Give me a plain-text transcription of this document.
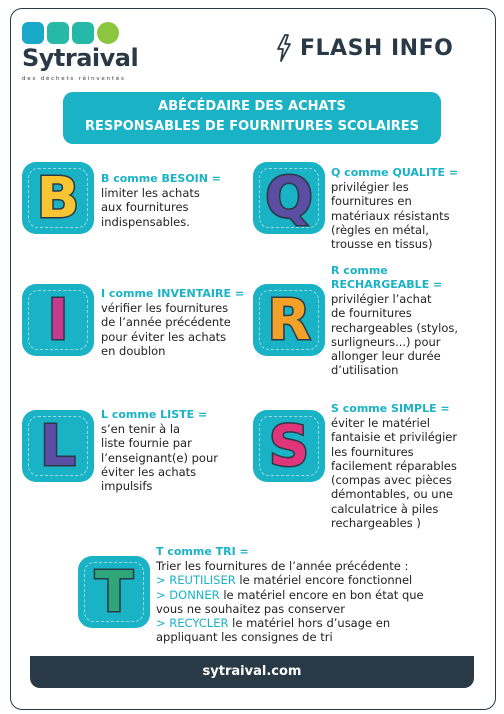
Sytraival
des déchets réinventés
FLASH INFO
ABÉCÉDAIRE DES ACHATS
RESPONSABLES DE FOURNITURES SCOLAIRES
B	B comme BESOIN =
limiter les achats
aux fournitures
indispensables. Q	Q comme QUALITE =
privilégier les
fournitures en
matériaux résistants
(règles en métal,
trousse en tissus)
I	I comme INVENTAIRE =
vérifier les fournitures
de l’année précédente
pour éviter les achats
en doublon	R
R comme
RECHARGEABLE =
privilégier l’achat
de fournitures
rechargeables (stylos,
surligneurs...) pour
allonger leur durée
d’utilisation
L	L comme LISTE =
s’en tenir à la
liste fournie par
l’enseignant(e) pour
éviter les achats
impulsifs
S
S comme SIMPLE =
éviter le matériel
fantaisie et privilégier
les fournitures
facilement réparables
(compas avec pièces
démontables, ou une
calculatrice à piles
rechargeables )
T
T comme TRI =
Trier les fournitures de l’année précédente :
> REUTILISER le matériel encore fonctionnel
> DONNER le matériel encore en bon état que
vous ne souhaitez pas conserver
> RECYCLER le matériel hors d’usage en
appliquant les consignes de tri
sytraival.com
